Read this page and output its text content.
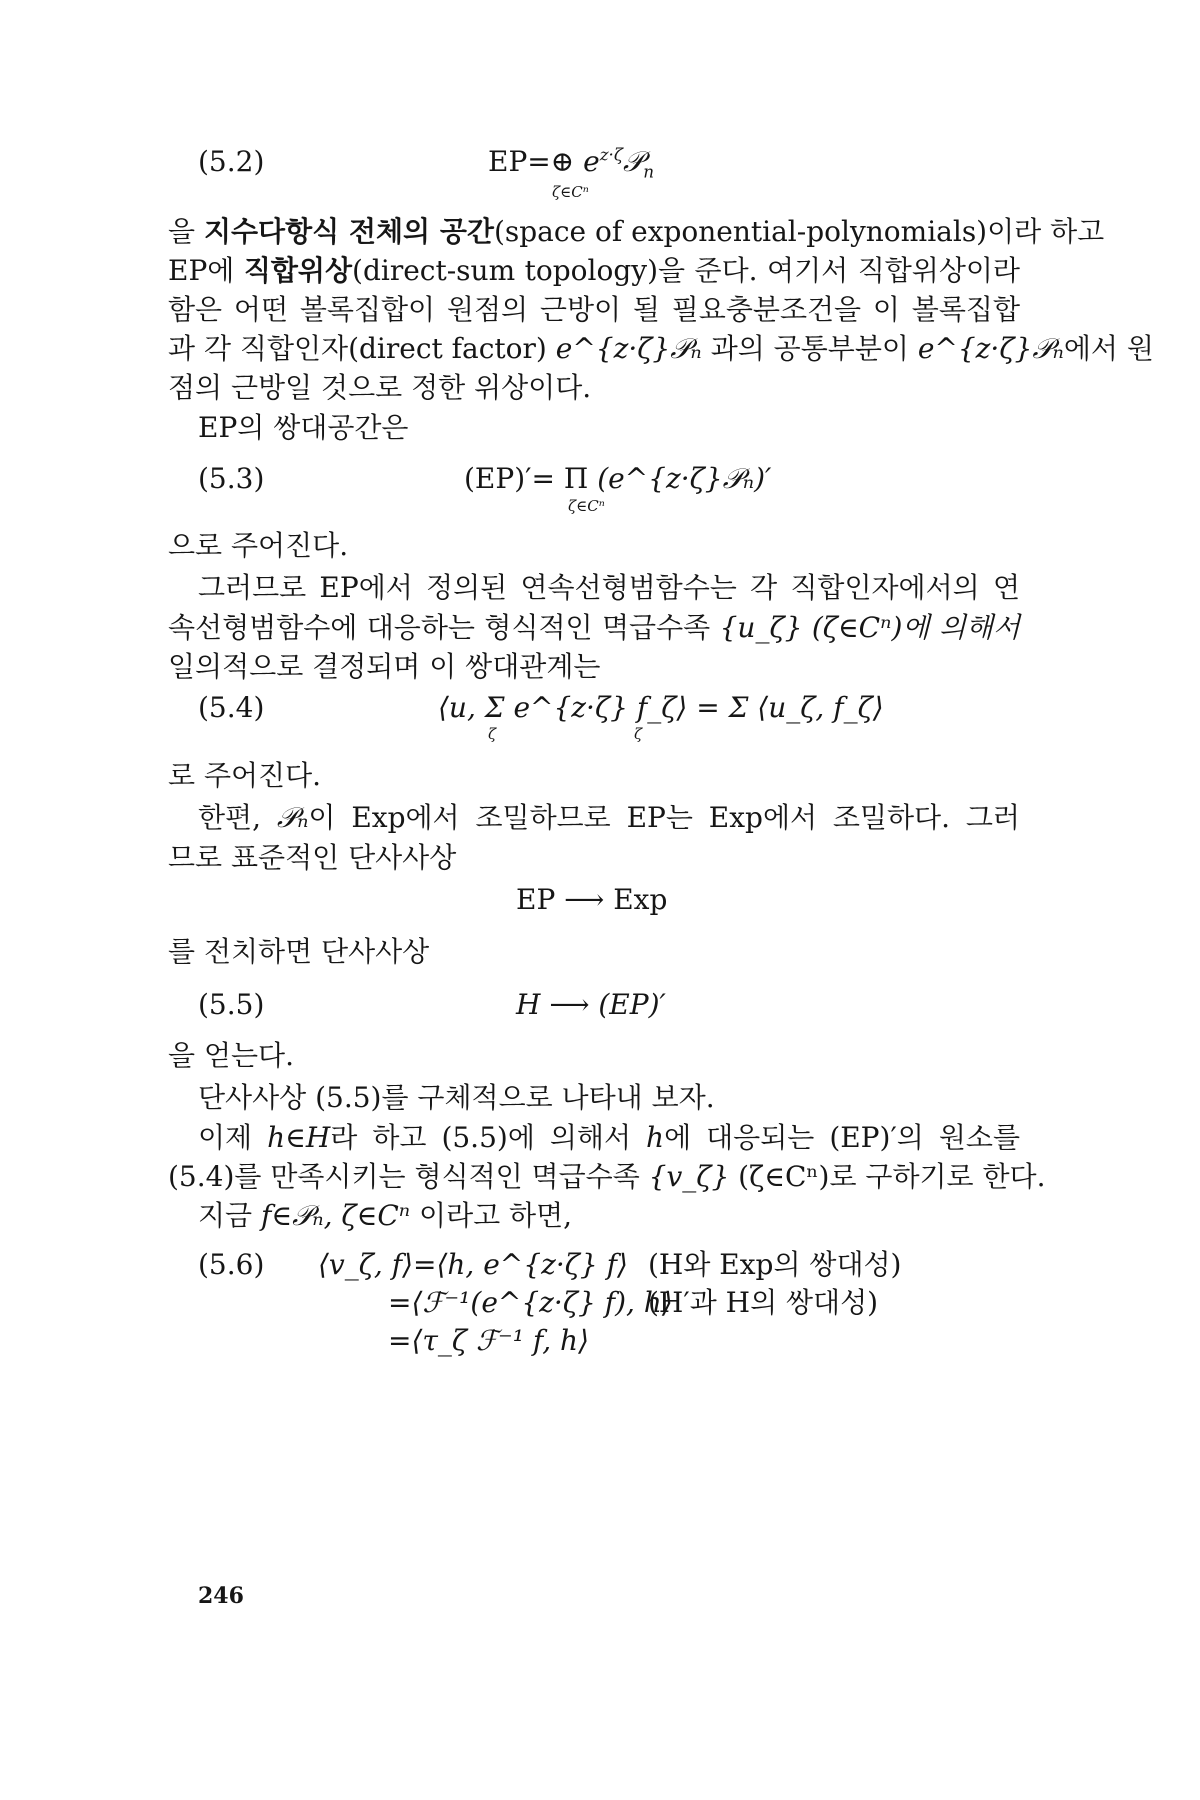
(5.2)	EP=⊕ $e^{z\cdot\zeta}𝒫_n$
ζ∈Cⁿ
을 지수다항식 전체의 공간(space of exponential-polynomials)이라 하고
EP에 직합위상(direct-sum topology)을 준다. 여기서 직합위상이라
함은 어떤 볼록집합이 원점의 근방이 될 필요충분조건을 이 볼록집합
과 각 직합인자(direct factor) e^{z·ζ}𝒫ₙ 과의 공통부분이 e^{z·ζ}𝒫ₙ에서 원
점의 근방일 것으로 정한 위상이다.
EP의 쌍대공간은
(5.3)	(EP)′= Π (e^{z·ζ}𝒫ₙ)′
ζ∈Cⁿ
으로 주어진다.
그러므로 EP에서 정의된 연속선형범함수는 각 직합인자에서의 연
속선형범함수에 대응하는 형식적인 멱급수족 {u_ζ} (ζ∈Cⁿ)에 의해서
일의적으로 결정되며 이 쌍대관계는
(5.4)	⟨u, Σ e^{z·ζ} f_ζ⟩ = Σ ⟨u_ζ, f_ζ⟩
ζ	ζ
로 주어진다.
한편, 𝒫ₙ이 Exp에서 조밀하므로 EP는 Exp에서 조밀하다. 그러
므로 표준적인 단사사상
EP ⟶ Exp
를 전치하면 단사사상
(5.5)	H ⟶ (EP)′
을 얻는다.
단사사상 (5.5)를 구체적으로 나타내 보자.
이제 h∈H라 하고 (5.5)에 의해서 h에 대응되는 (EP)′의 원소를
(5.4)를 만족시키는 형식적인 멱급수족 {v_ζ} (ζ∈Cⁿ)로 구하기로 한다.
지금 f∈𝒫ₙ, ζ∈Cⁿ 이라고 하면,
(5.6) ⟨v_ζ, f⟩=⟨h, e^{z·ζ} f⟩ (H와 Exp의 쌍대성)
=⟨ℱ⁻¹(e^{z·ζ} f), h⟩
(H′과 H의 쌍대성)
=⟨τ_ζ ℱ⁻¹ f, h⟩
246
